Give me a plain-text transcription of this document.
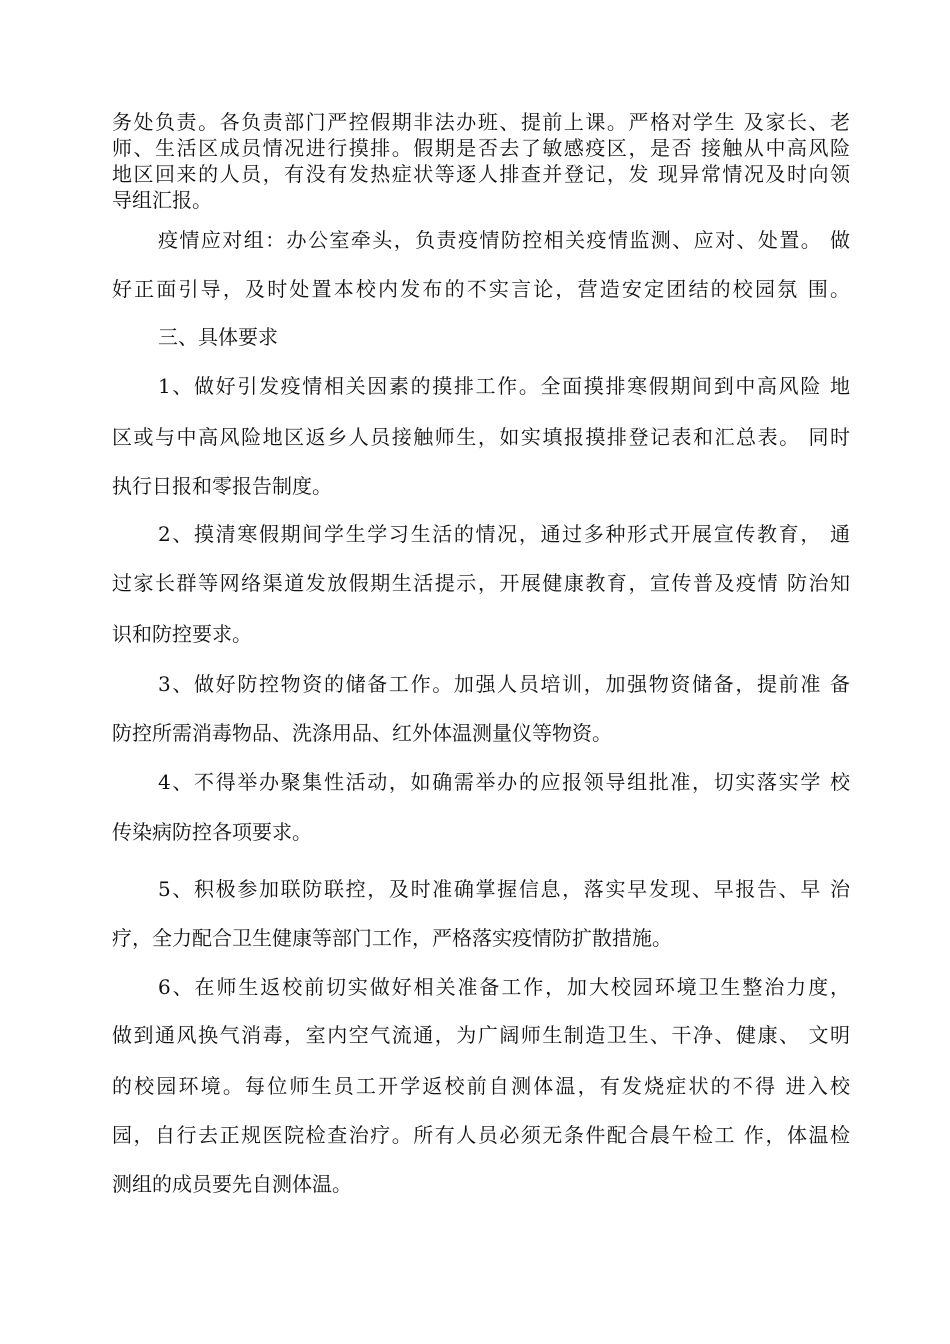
务处负责。各负责部门严控假期非法办班、提前上课。严格对学生 及家长、老
师、生活区成员情况进行摸排。假期是否去了敏感疫区，是否 接触从中高风险
地区回来的人员，有没有发热症状等逐人排查并登记，发 现异常情况及时向领
导组汇报。
疫情应对组：办公室牵头，负责疫情防控相关疫情监测、应对、处置。 做
好正面引导，及时处置本校内发布的不实言论，营造安定团结的校园氛 围。
三、具体要求
1、做好引发疫情相关因素的摸排工作。全面摸排寒假期间到中高风险 地
区或与中高风险地区返乡人员接触师生，如实填报摸排登记表和汇总表。 同时
执行日报和零报告制度。
2、摸清寒假期间学生学习生活的情况，通过多种形式开展宣传教育， 通
过家长群等网络渠道发放假期生活提示，开展健康教育，宣传普及疫情 防治知
识和防控要求。
3、做好防控物资的储备工作。加强人员培训，加强物资储备，提前准 备
防控所需消毒物品、洗涤用品、红外体温测量仪等物资。
4、不得举办聚集性活动，如确需举办的应报领导组批准，切实落实学 校
传染病防控各项要求。
5、积极参加联防联控，及时准确掌握信息，落实早发现、早报告、早 治
疗，全力配合卫生健康等部门工作，严格落实疫情防扩散措施。
6、在师生返校前切实做好相关准备工作，加大校园环境卫生整治力度，
做到通风换气消毒，室内空气流通，为广阔师生制造卫生、干净、健康、 文明
的校园环境。每位师生员工开学返校前自测体温，有发烧症状的不得 进入校
园，自行去正规医院检查治疗。所有人员必须无条件配合晨午检工 作，体温检
测组的成员要先自测体温。
